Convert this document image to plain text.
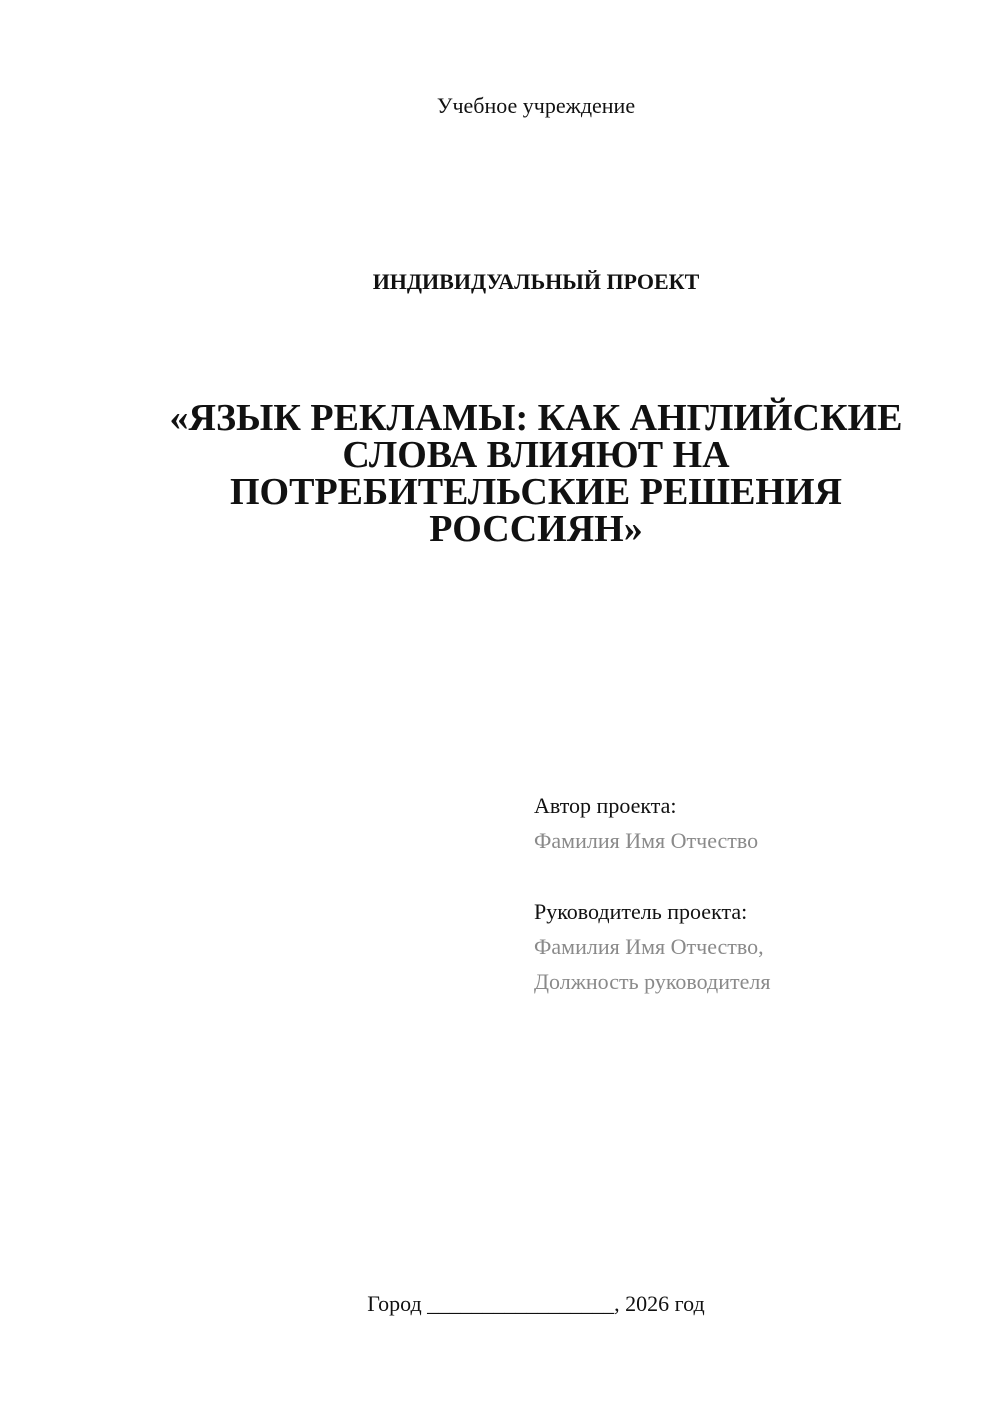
Учебное учреждение
ИНДИВИДУАЛЬНЫЙ ПРОЕКТ
«ЯЗЫК РЕКЛАМЫ: КАК АНГЛИЙСКИЕ
СЛОВА ВЛИЯЮТ НА
ПОТРЕБИТЕЛЬСКИЕ РЕШЕНИЯ
РОССИЯН»
Автор проекта:
Фамилия Имя Отчество
Руководитель проекта:
Фамилия Имя Отчество,
Должность руководителя
Город _________________, 2026 год
